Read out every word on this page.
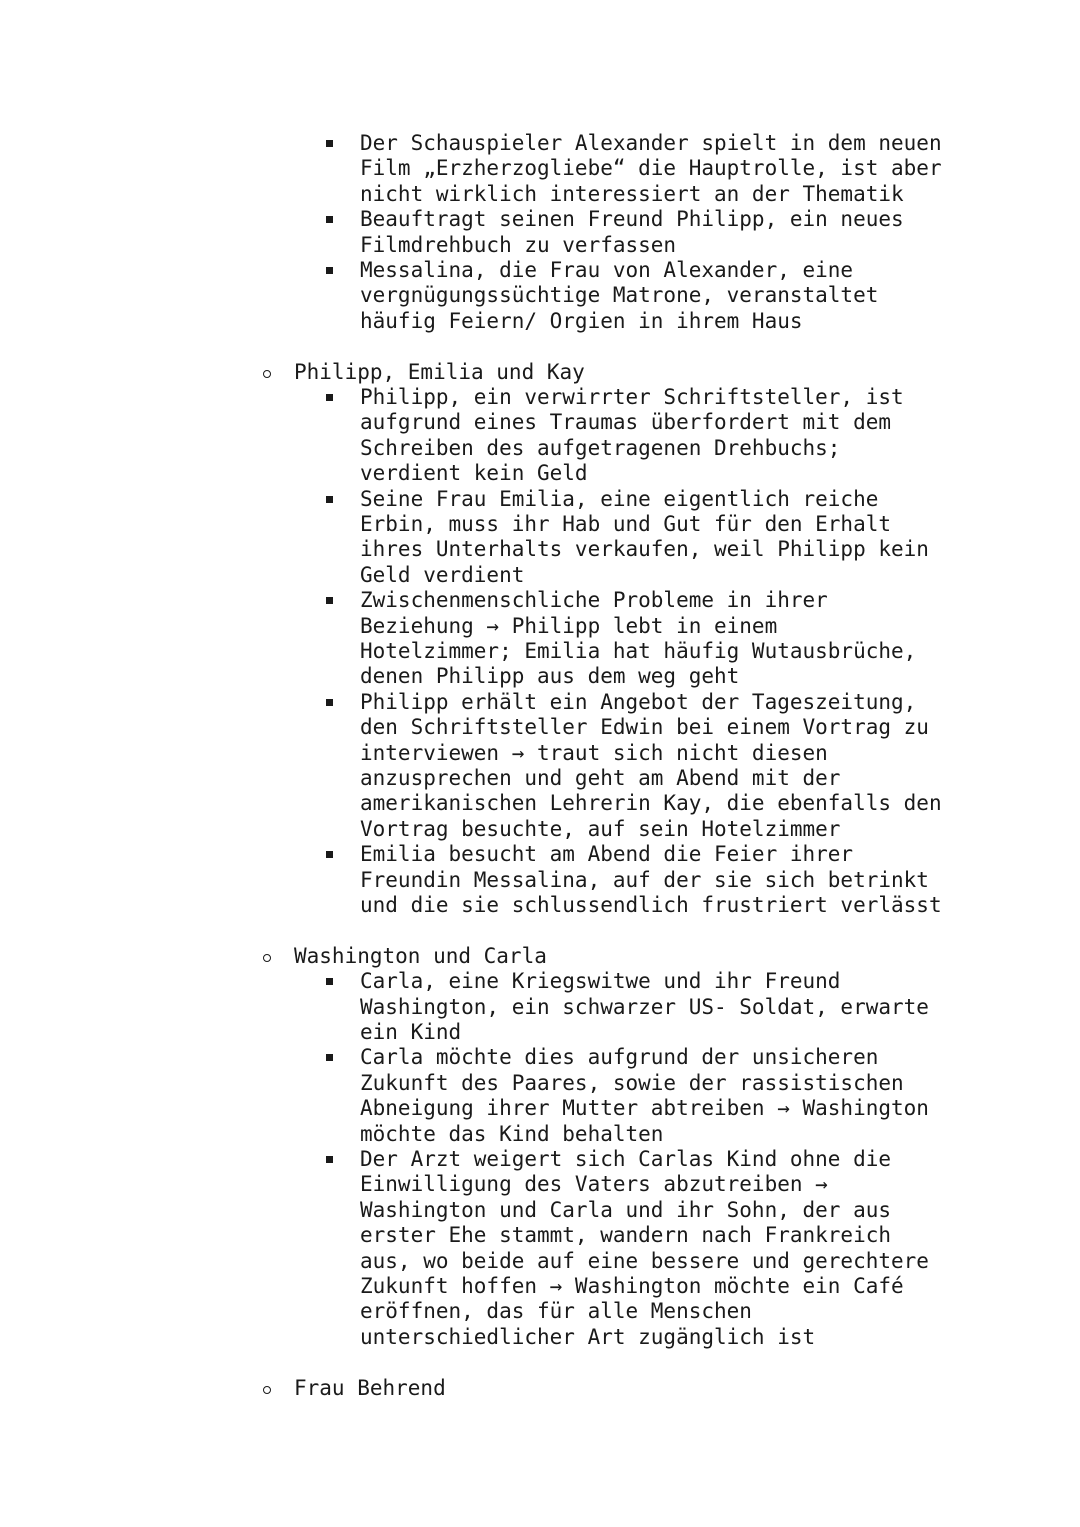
Der Schauspieler Alexander spielt in dem neuen
Film „Erzherzogliebe“ die Hauptrolle, ist aber
nicht wirklich interessiert an der Thematik
Beauftragt seinen Freund Philipp, ein neues
Filmdrehbuch zu verfassen
Messalina, die Frau von Alexander, eine
vergnügungssüchtige Matrone, veranstaltet
häufig Feiern/ Orgien in ihrem Haus
Philipp, Emilia und Kay
Philipp, ein verwirrter Schriftsteller, ist
aufgrund eines Traumas überfordert mit dem
Schreiben des aufgetragenen Drehbuchs;
verdient kein Geld
Seine Frau Emilia, eine eigentlich reiche
Erbin, muss ihr Hab und Gut für den Erhalt
ihres Unterhalts verkaufen, weil Philipp kein
Geld verdient
Zwischenmenschliche Probleme in ihrer
Beziehung → Philipp lebt in einem
Hotelzimmer; Emilia hat häufig Wutausbrüche,
denen Philipp aus dem weg geht
Philipp erhält ein Angebot der Tageszeitung,
den Schriftsteller Edwin bei einem Vortrag zu
interviewen → traut sich nicht diesen
anzusprechen und geht am Abend mit der
amerikanischen Lehrerin Kay, die ebenfalls den
Vortrag besuchte, auf sein Hotelzimmer
Emilia besucht am Abend die Feier ihrer
Freundin Messalina, auf der sie sich betrinkt
und die sie schlussendlich frustriert verlässt
Washington und Carla
Carla, eine Kriegswitwe und ihr Freund
Washington, ein schwarzer US- Soldat, erwarte
ein Kind
Carla möchte dies aufgrund der unsicheren
Zukunft des Paares, sowie der rassistischen
Abneigung ihrer Mutter abtreiben → Washington
möchte das Kind behalten
Der Arzt weigert sich Carlas Kind ohne die
Einwilligung des Vaters abzutreiben →
Washington und Carla und ihr Sohn, der aus
erster Ehe stammt, wandern nach Frankreich
aus, wo beide auf eine bessere und gerechtere
Zukunft hoffen → Washington möchte ein Café
eröffnen, das für alle Menschen
unterschiedlicher Art zugänglich ist
Frau Behrend
